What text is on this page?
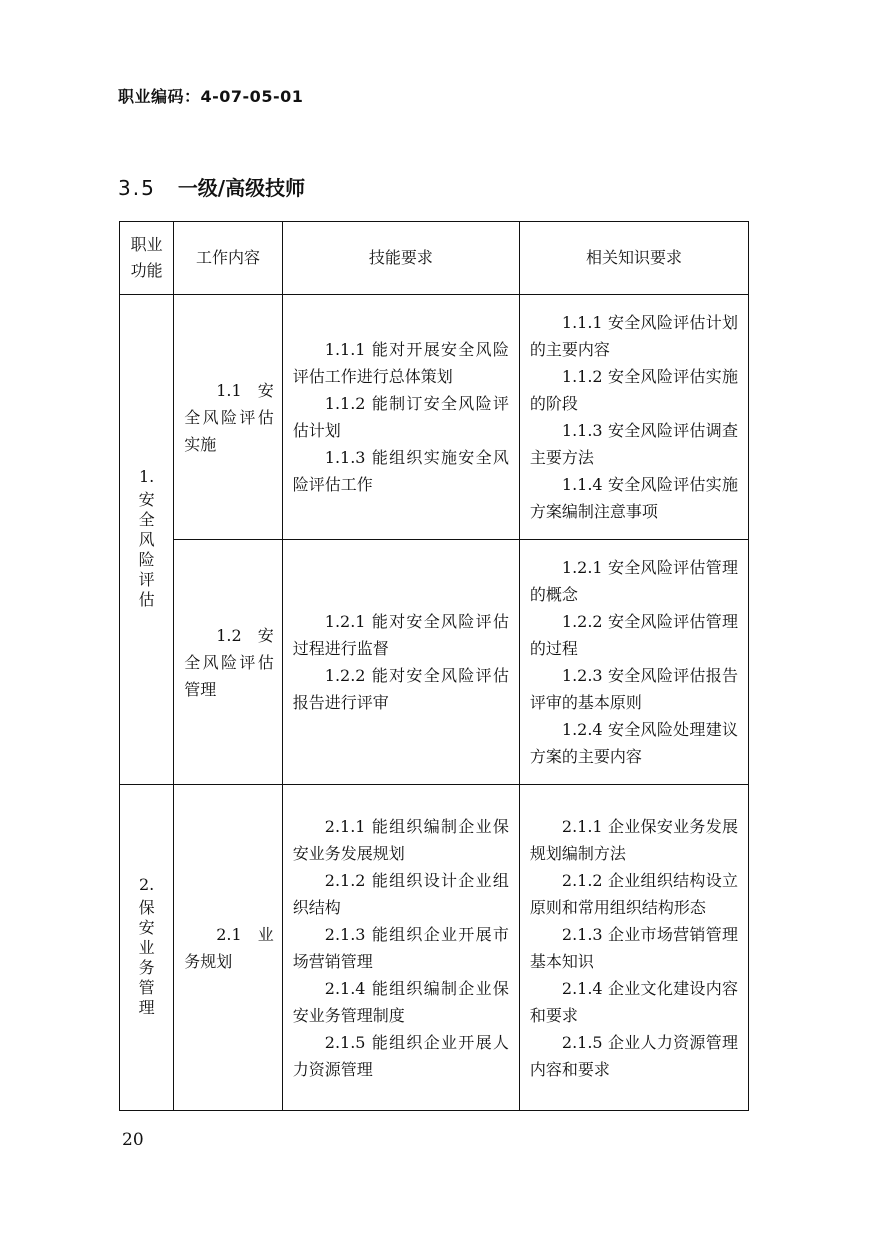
职业编码：4-07-05-01
3.5 一级/高级技师
职业功能	工作内容	技能要求	相关知识要求

1.
安全风险评估	1.1 安全风险评估实施	1.1.1 能对开展安全风险评估工作进行总体策划
1.1.2 能制订安全风险评估计划
1.1.3 能组织实施安全风险评估工作	1.1.1 安全风险评估计划的主要内容
1.1.2 安全风险评估实施的阶段
1.1.3 安全风险评估调查主要方法
1.1.4 安全风险评估实施方案编制注意事项

	1.2 安全风险评估管理	1.2.1 能对安全风险评估过程进行监督
1.2.2 能对安全风险评估报告进行评审	1.2.1 安全风险评估管理的概念
1.2.2 安全风险评估管理的过程
1.2.3 安全风险评估报告评审的基本原则
1.2.4 安全风险处理建议方案的主要内容

2.
保安业务管理	2.1 业务规划	2.1.1 能组织编制企业保安业务发展规划
2.1.2 能组织设计企业组织结构
2.1.3 能组织企业开展市场营销管理
2.1.4 能组织编制企业保安业务管理制度
2.1.5 能组织企业开展人力资源管理	2.1.1 企业保安业务发展规划编制方法
2.1.2 企业组织结构设立原则和常用组织结构形态
2.1.3 企业市场营销管理基本知识
2.1.4 企业文化建设内容和要求
2.1.5 企业人力资源管理内容和要求
20
